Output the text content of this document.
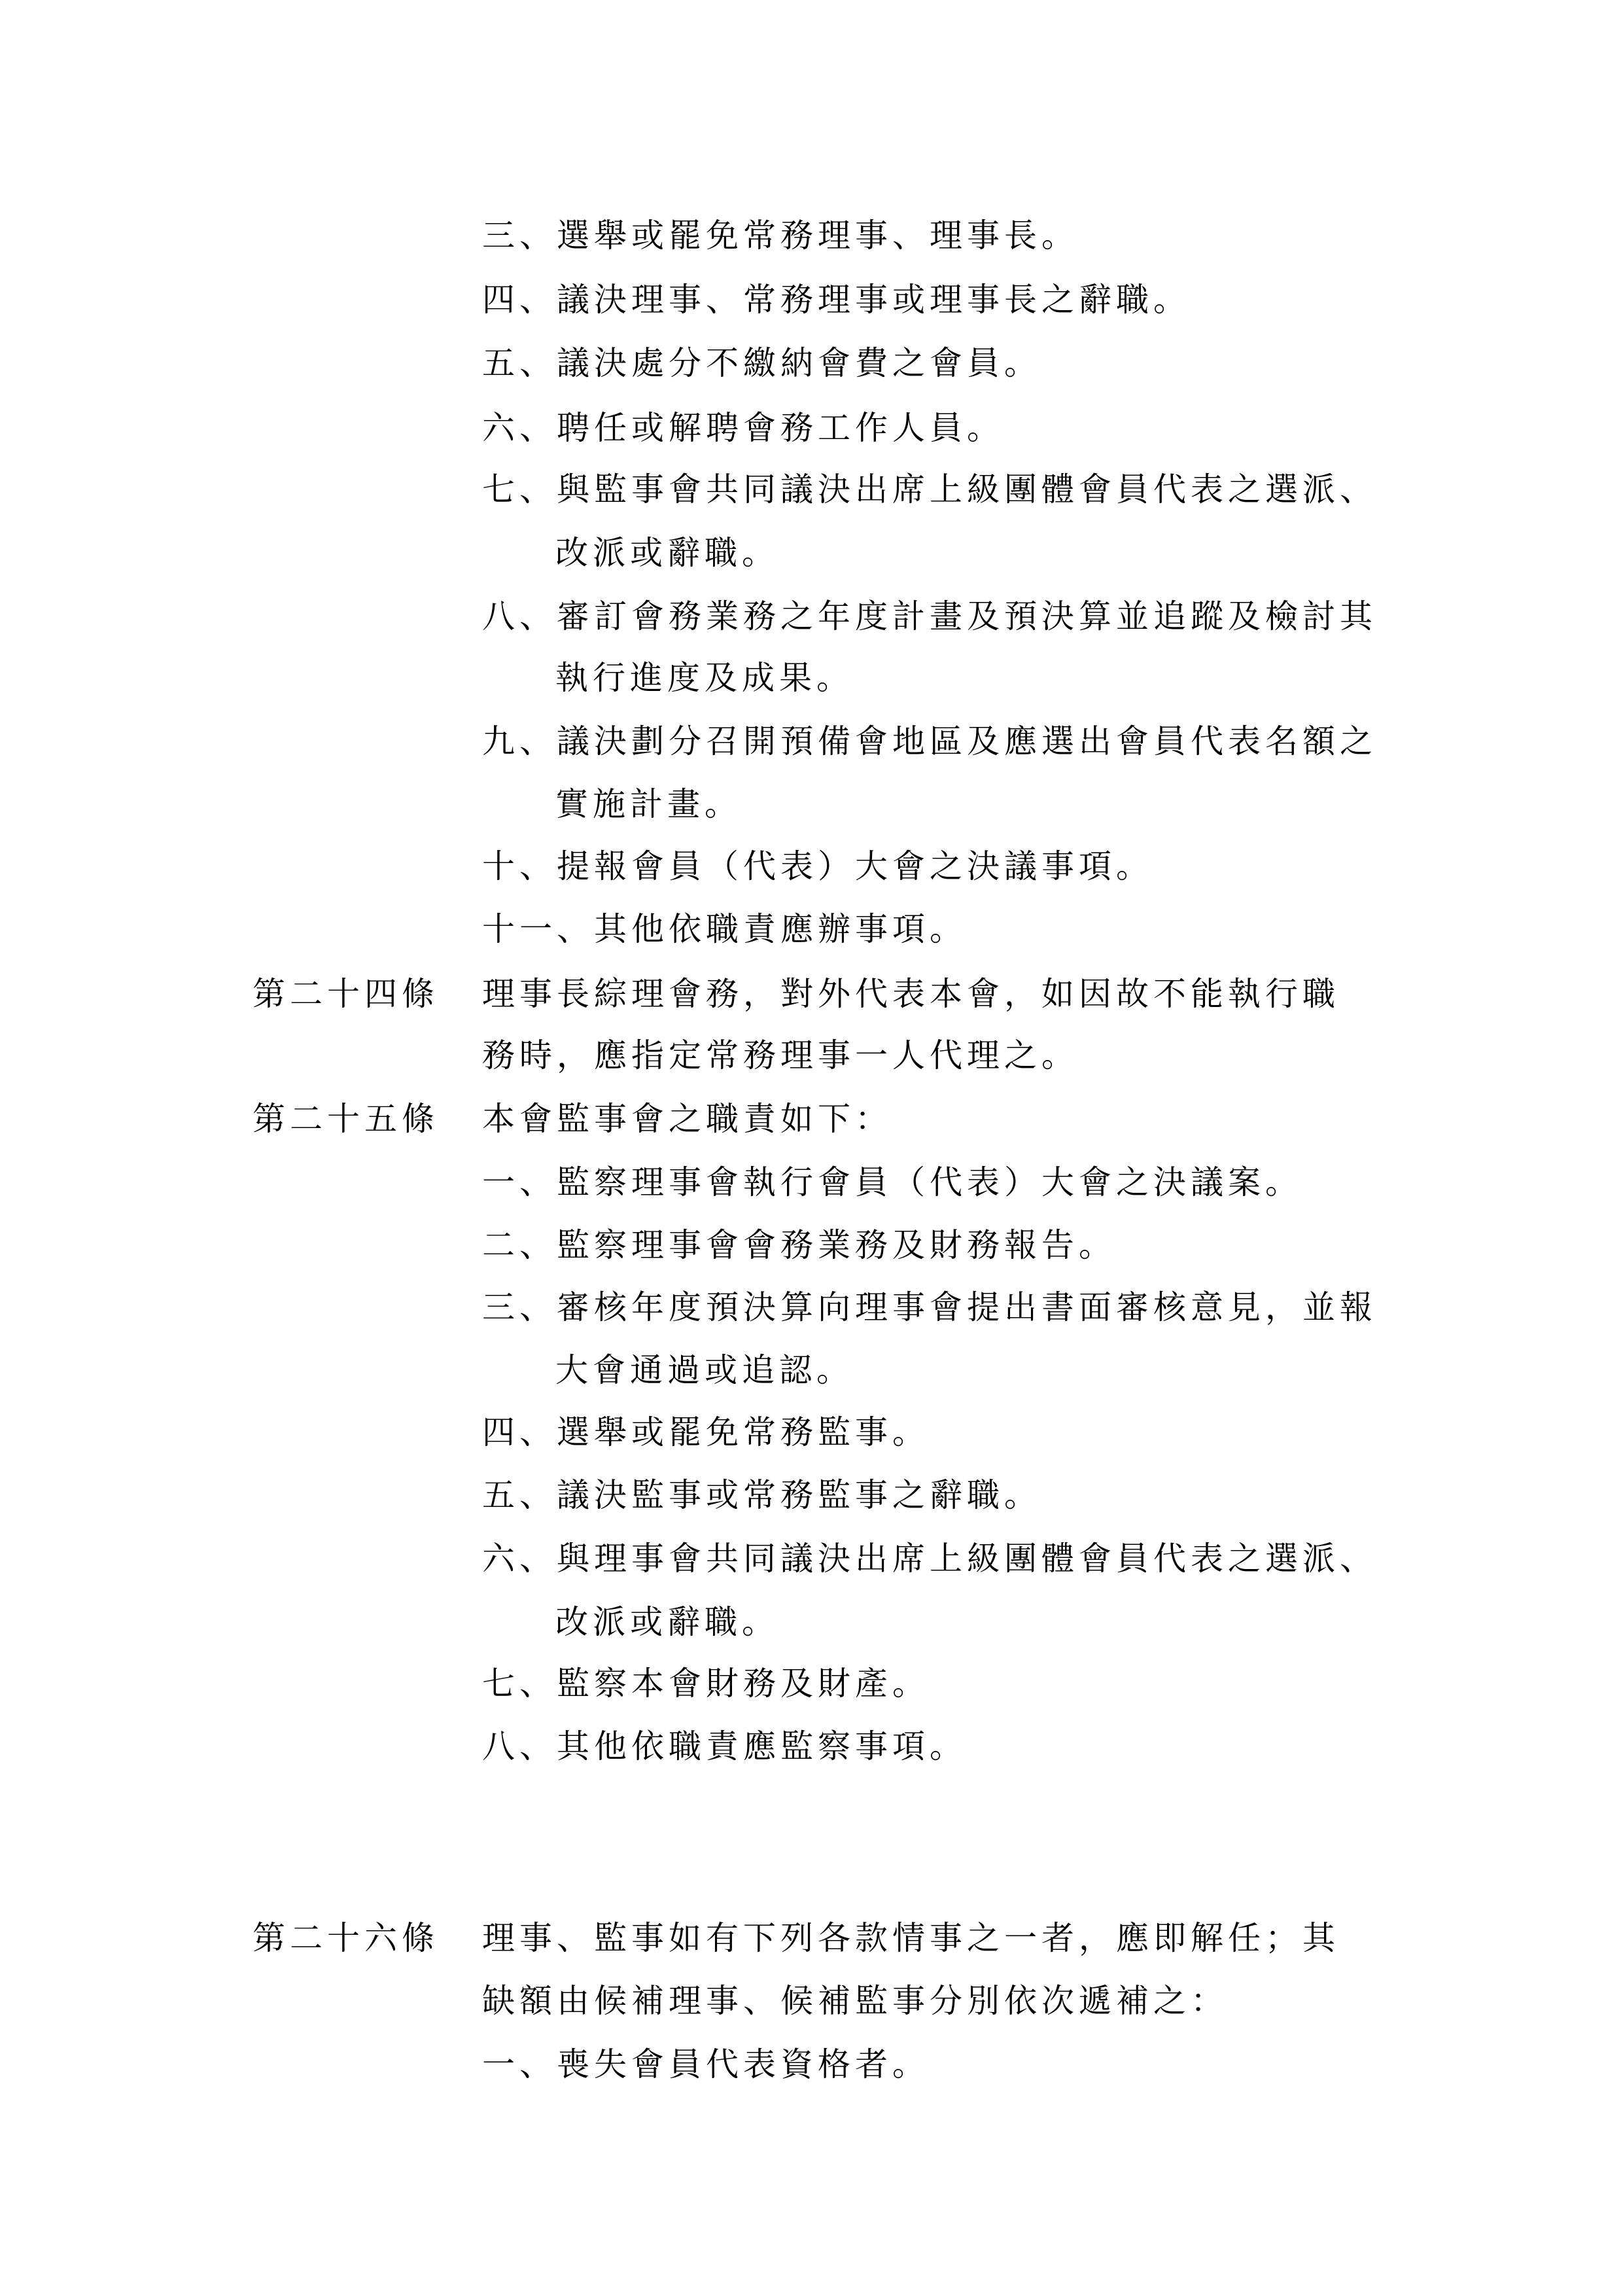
三、選舉或罷免常務理事、理事長。
四、議決理事、常務理事或理事長之辭職。
五、議決處分不繳納會費之會員。
六、聘任或解聘會務工作人員。
七、與監事會共同議決出席上級團體會員代表之選派、
改派或辭職。
八、審訂會務業務之年度計畫及預決算並追蹤及檢討其
執行進度及成果。
九、議決劃分召開預備會地區及應選出會員代表名額之
實施計畫。
十、提報會員（代表）大會之決議事項。
十一、其他依職責應辦事項。
第二十四條 理事長綜理會務，對外代表本會，如因故不能執行職
務時，應指定常務理事一人代理之。
第二十五條 本會監事會之職責如下：
一、監察理事會執行會員（代表）大會之決議案。
二、監察理事會會務業務及財務報告。
三、審核年度預決算向理事會提出書面審核意見，並報
大會通過或追認。
四、選舉或罷免常務監事。
五、議決監事或常務監事之辭職。
六、與理事會共同議決出席上級團體會員代表之選派、
改派或辭職。
七、監察本會財務及財產。
八、其他依職責應監察事項。
第二十六條 理事、監事如有下列各款情事之一者，應即解任；其
缺額由候補理事、候補監事分別依次遞補之：
一、喪失會員代表資格者。
